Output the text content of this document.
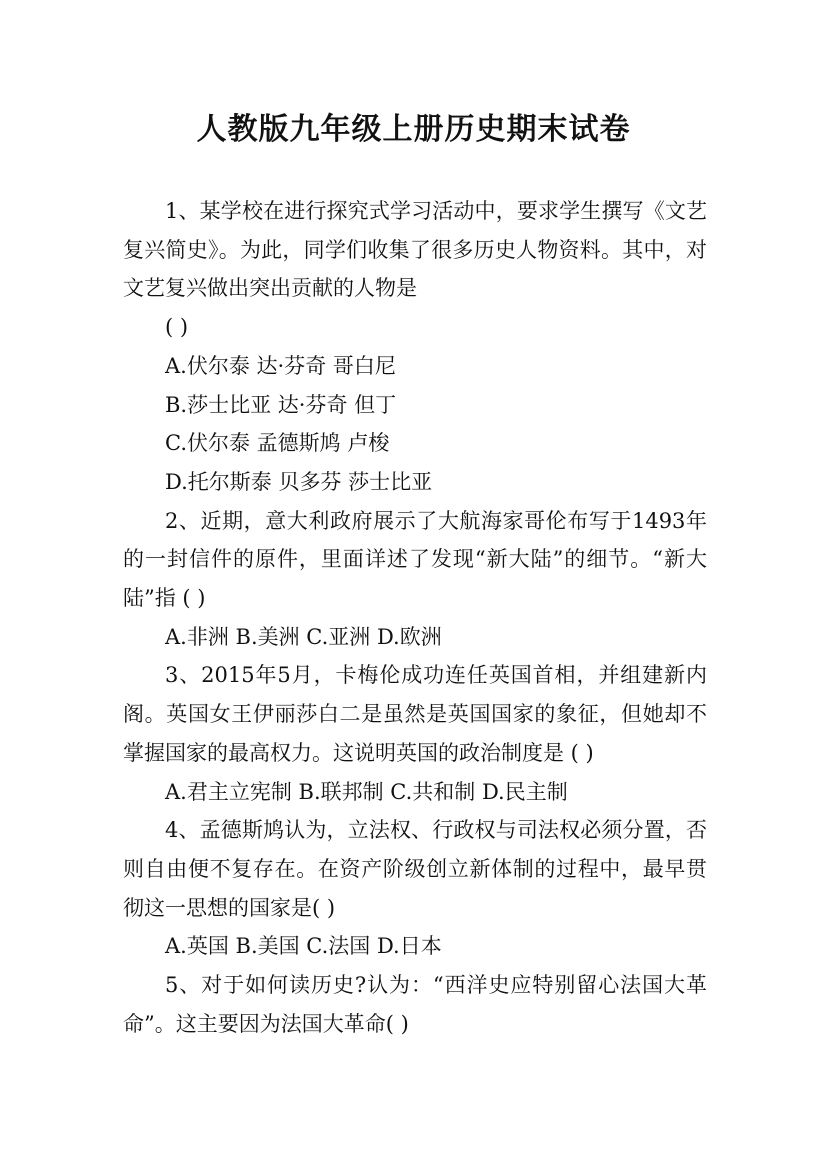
人教版九年级上册历史期末试卷

1、某学校在进行探究式学习活动中，要求学生撰写《文艺复兴简史》。为此，同学们收集了很多历史人物资料。其中，对文艺复兴做出突出贡献的人物是

( )

A.伏尔泰 达·芬奇 哥白尼

B.莎士比亚 达·芬奇 但丁

C.伏尔泰 孟德斯鸠 卢梭

D.托尔斯泰 贝多芬 莎士比亚

2、近期，意大利政府展示了大航海家哥伦布写于1493年的一封信件的原件，里面详述了发现“新大陆”的细节。“新大陆”指 ( )

A.非洲 B.美洲 C.亚洲 D.欧洲

3、2015年5月，卡梅伦成功连任英国首相，并组建新内阁。英国女王伊丽莎白二是虽然是英国国家的象征，但她却不掌握国家的最高权力。这说明英国的政治制度是 ( )

A.君主立宪制 B.联邦制 C.共和制 D.民主制

4、孟德斯鸠认为，立法权、行政权与司法权必须分置，否则自由便不复存在。在资产阶级创立新体制的过程中，最早贯彻这一思想的国家是( )

A.英国 B.美国 C.法国 D.日本

5、对于如何读历史?认为：“西洋史应特别留心法国大革命”。这主要因为法国大革命( )
